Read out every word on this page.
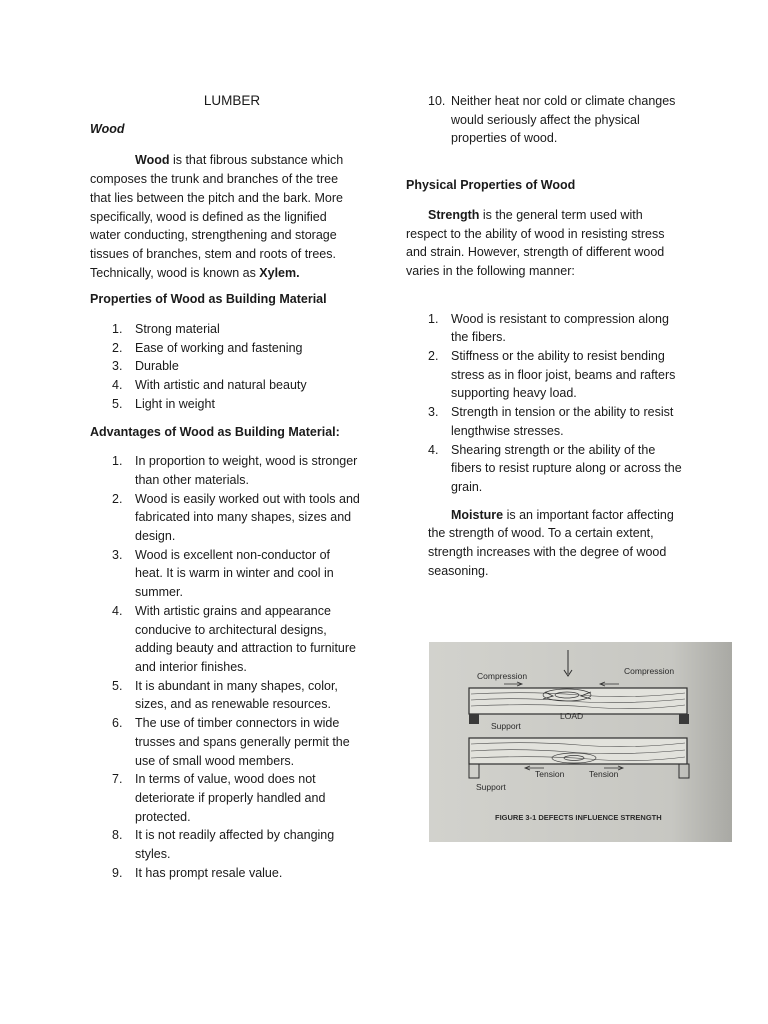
LUMBER

Wood

Wood is that fibrous substance which composes the trunk and branches of the tree that lies between the pitch and the bark. More specifically, wood is defined as the lignified water conducting, strengthening and storage tissues of branches, stem and roots of trees. Technically, wood is known as Xylem.

Properties of Wood as Building Material

1. Strong material
2. Ease of working and fastening
3. Durable
4. With artistic and natural beauty
5. Light in weight

Advantages of Wood as Building Material:

1. In proportion to weight, wood is stronger than other materials.
2. Wood is easily worked out with tools and fabricated into many shapes, sizes and design.
3. Wood is excellent non-conductor of heat. It is warm in winter and cool in summer.
4. With artistic grains and appearance conducive to architectural designs, adding beauty and attraction to furniture and interior finishes.
5. It is abundant in many shapes, color, sizes, and as renewable resources.
6. The use of timber connectors in wide trusses and spans generally permit the use of small wood members.
7. In terms of value, wood does not deteriorate if properly handled and protected.
8. It is not readily affected by changing styles.
9. It has prompt resale value.
10. Neither heat nor cold or climate changes would seriously affect the physical properties of wood.

Physical Properties of Wood

Strength is the general term used with respect to the ability of wood in resisting stress and strain. However, strength of different wood varies in the following manner:

1. Wood is resistant to compression along the fibers.
2. Stiffness or the ability to resist bending stress as in floor joist, beams and rafters supporting heavy load.
3. Strength in tension or the ability to resist lengthwise stresses.
4. Shearing strength or the ability of the fibers to resist rupture along or across the grain.

Moisture is an important factor affecting the strength of wood. To a certain extent, strength increases with the degree of wood seasoning.

Compression	Compression
Support
LOAD
Tension	Tension
Support
FIGURE 3-1 DEFECTS INFLUENCE STRENGTH
